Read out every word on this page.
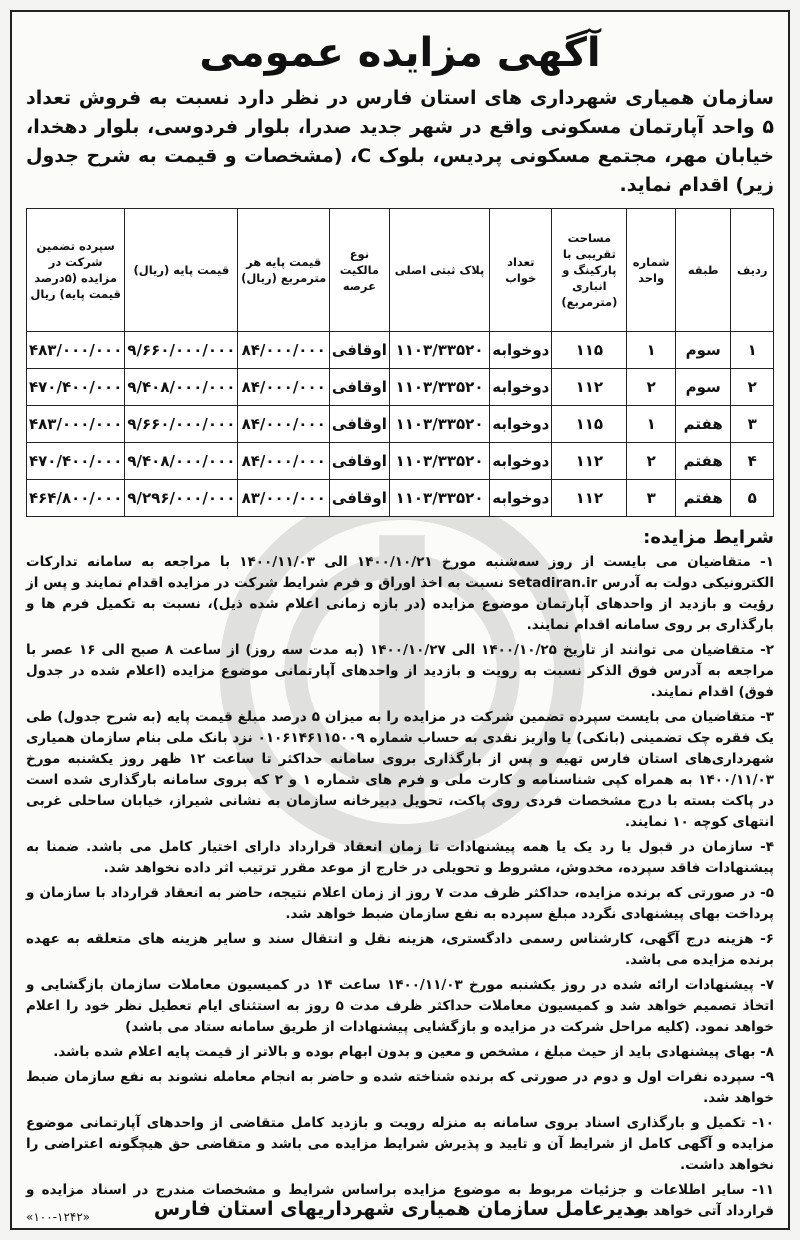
آگهی مزایده عمومی
سازمان همیاری شهرداری های استان فارس در نظر دارد نسبت به فروش تعداد ۵ واحد آپارتمان مسکونی واقع در شهر جدید صدرا، بلوار فردوسی، بلوار دهخدا، خیابان مهر، مجتمع مسکونی پردیس، بلوک C، (مشخصات و قیمت به شرح جدول زیر) اقدام نماید.
ردیف	طبقه	شماره واحد	مساحت تقریبی با پارکینگ و انباری (مترمربع)	تعداد خواب	پلاک ثبتی اصلی	نوع مالکیت عرصه	قیمت پایه هر مترمربع (ریال)	قیمت پایه (ریال)	سپرده تضمین شرکت در مزایده (۵درصد قیمت پایه) ریال
۱	سوم	۱	۱۱۵	دوخوابه	۱۱۰۳/۳۳۵۲۰	اوقافی	۸۴/۰۰۰/۰۰۰	۹/۶۶۰/۰۰۰/۰۰۰	۴۸۳/۰۰۰/۰۰۰
۲	سوم	۲	۱۱۲	دوخوابه	۱۱۰۳/۳۳۵۲۰	اوقافی	۸۴/۰۰۰/۰۰۰	۹/۴۰۸/۰۰۰/۰۰۰	۴۷۰/۴۰۰/۰۰۰
۳	هفتم	۱	۱۱۵	دوخوابه	۱۱۰۳/۳۳۵۲۰	اوقافی	۸۴/۰۰۰/۰۰۰	۹/۶۶۰/۰۰۰/۰۰۰	۴۸۳/۰۰۰/۰۰۰
۴	هفتم	۲	۱۱۲	دوخوابه	۱۱۰۳/۳۳۵۲۰	اوقافی	۸۴/۰۰۰/۰۰۰	۹/۴۰۸/۰۰۰/۰۰۰	۴۷۰/۴۰۰/۰۰۰
۵	هفتم	۳	۱۱۲	دوخوابه	۱۱۰۳/۳۳۵۲۰	اوقافی	۸۳/۰۰۰/۰۰۰	۹/۲۹۶/۰۰۰/۰۰۰	۴۶۴/۸۰۰/۰۰۰
شرایط مزایده:

۱- متقاضیان می بایست از روز سه‌شنبه مورخ ۱۴۰۰/۱۰/۲۱ الی ۱۴۰۰/۱۱/۰۳ با مراجعه به سامانه تدارکات الکترونیکی دولت به آدرس setadiran.ir نسبت به اخذ اوراق و فرم شرایط شرکت در مزایده اقدام نمایند و پس از رؤیت و بازدید از واحدهای آپارتمان موضوع مزایده (در بازه زمانی اعلام شده ذیل)، نسبت به تکمیل فرم ها و بارگذاری بر روی سامانه اقدام نمایند.

۲- متقاضیان می توانند از تاریخ ۱۴۰۰/۱۰/۲۵ الی ۱۴۰۰/۱۰/۲۷ (به مدت سه روز) از ساعت ۸ صبح الی ۱۶ عصر با مراجعه به آدرس فوق الذکر نسبت به رویت و بازدید از واحدهای آپارتمانی موضوع مزایده (اعلام شده در جدول فوق) اقدام نمایند.

۳- متقاضیان می بایست سپرده تضمین شرکت در مزایده را به میزان ۵ درصد مبلغ قیمت پایه (به شرح جدول) طی یک فقره چک تضمینی (بانکی) یا واریز نقدی به حساب شماره ۰۱۰۶۱۴۶۱۱۵۰۰۹ نزد بانک ملی بنام سازمان همیاری شهرداری‌های استان فارس تهیه و پس از بارگذاری بروی سامانه حداکثر تا ساعت ۱۲ ظهر روز یکشنبه مورخ ۱۴۰۰/۱۱/۰۳ به همراه کپی شناسنامه و کارت ملی و فرم های شماره ۱ و ۲ که بروی سامانه بارگذاری شده است در پاکت بسته با درج مشخصات فردی روی پاکت، تحویل دبیرخانه سازمان به نشانی شیراز، خیابان ساحلی غربی انتهای کوچه ۱۰ نمایند.

۴- سازمان در قبول یا رد یک یا همه پیشنهادات تا زمان انعقاد قرارداد دارای اختیار کامل می باشد. ضمنا به پیشنهادات فاقد سپرده، مخدوش، مشروط و تحویلی در خارج از موعد مقرر ترتیب اثر داده نخواهد شد.

۵- در صورتی که برنده مزایده، حداکثر ظرف مدت ۷ روز از زمان اعلام نتیجه، حاضر به انعقاد قرارداد با سازمان و پرداخت بهای پیشنهادی نگردد مبلغ سپرده به نفع سازمان ضبط خواهد شد.

۶- هزینه درج آگهی، کارشناس رسمی دادگستری، هزینه نقل و انتقال سند و سایر هزینه های متعلقه به عهده برنده مزایده می باشد.

۷- پیشنهادات ارائه شده در روز یکشنبه مورخ ۱۴۰۰/۱۱/۰۳ ساعت ۱۴ در کمیسیون معاملات سازمان بازگشایی و اتخاذ تصمیم خواهد شد و کمیسیون معاملات حداکثر ظرف مدت ۵ روز به استثنای ایام تعطیل نظر خود را اعلام خواهد نمود. (کلیه مراحل شرکت در مزایده و بازگشایی پیشنهادات از طریق سامانه ستاد می باشد)

۸- بهای پیشنهادی باید از حیث مبلغ ، مشخص و معین و بدون ابهام بوده و بالاتر از قیمت پایه اعلام شده باشد.

۹- سپرده نفرات اول و دوم در صورتی که برنده شناخته شده و حاضر به انجام معامله نشوند به نفع سازمان ضبط خواهد شد.

۱۰- تکمیل و بارگذاری اسناد بروی سامانه به منزله رویت و بازدید کامل متقاضی از واحدهای آپارتمانی موضوع مزایده و آگهی کامل از شرایط آن و تایید و پذیرش شرایط مزایده می باشد و متقاضی حق هیچگونه اعتراضی را نخواهد داشت.

۱۱- سایر اطلاعات و جزئیات مربوط به موضوع مزایده براساس شرایط و مشخصات مندرج در اسناد مزایده و قرارداد آتی خواهد بود.

مدیرعامل سازمان همیاری شهرداریهای استان فارس
«۱۰۰-۱۲۴۲»
